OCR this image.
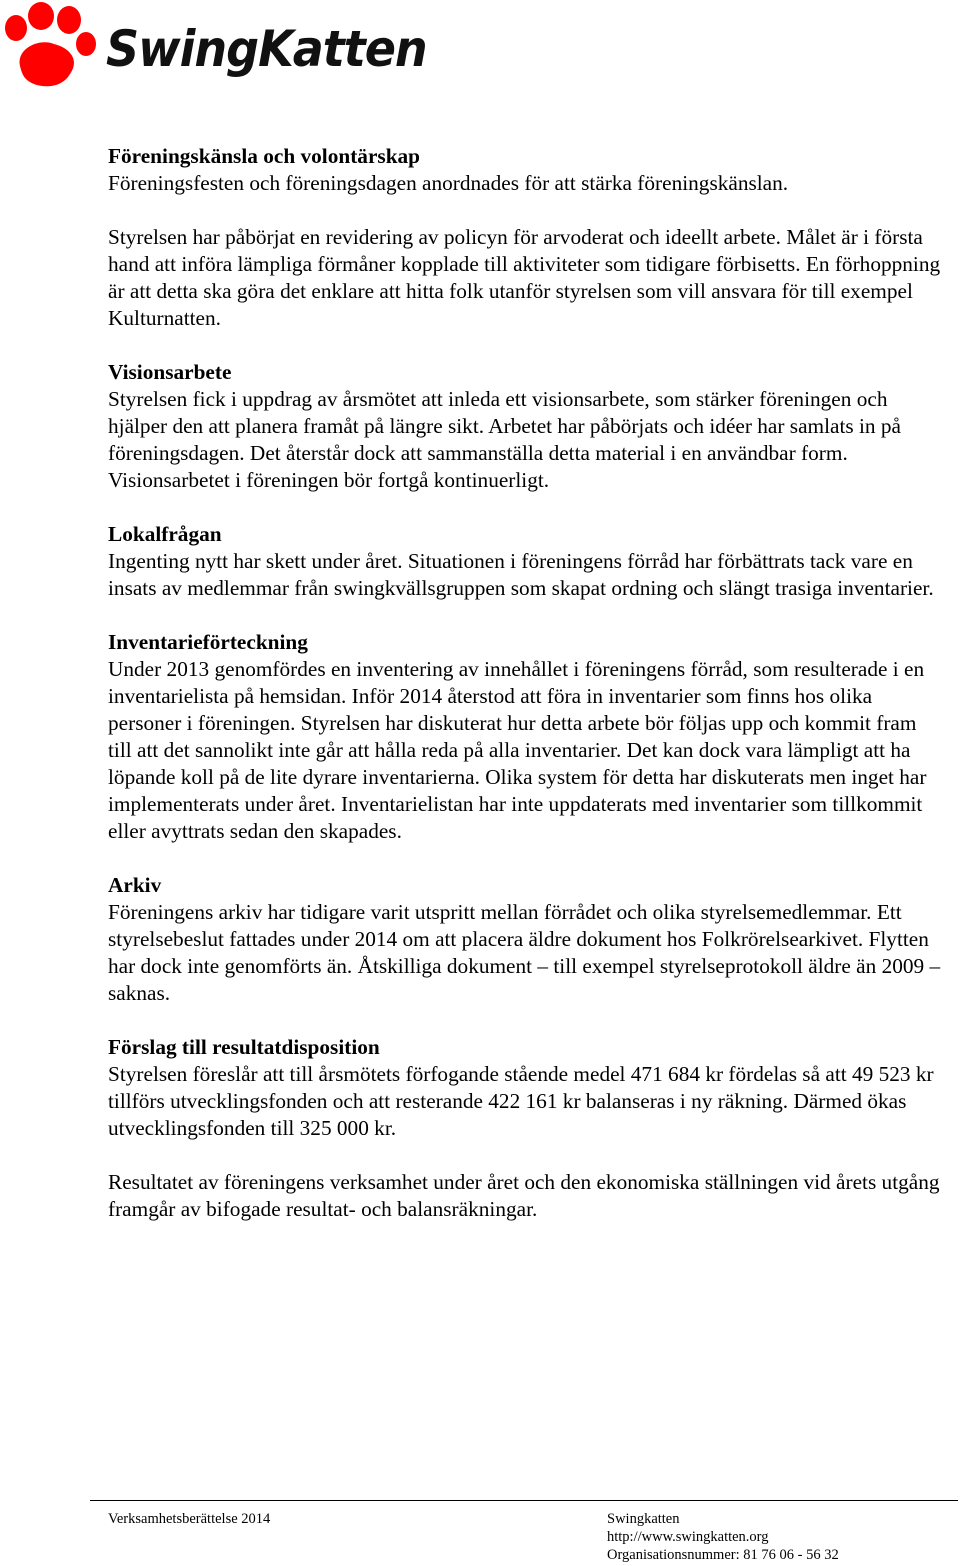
SwingKatten
Föreningskänsla och volontärskap

Föreningsfesten och föreningsdagen anordnades för att stärka föreningskänslan.

Styrelsen har påbörjat en revidering av policyn för arvoderat och ideellt arbete. Målet är i första hand att införa lämpliga förmåner kopplade till aktiviteter som tidigare förbisetts. En förhoppning är att detta ska göra det enklare att hitta folk utanför styrelsen som vill ansvara för till exempel Kulturnatten.

Visionsarbete

Styrelsen fick i uppdrag av årsmötet att inleda ett visionsarbete, som stärker föreningen och hjälper den att planera framåt på längre sikt. Arbetet har påbörjats och idéer har samlats in på föreningsdagen. Det återstår dock att sammanställa detta material i en användbar form. Visionsarbetet i föreningen bör fortgå kontinuerligt.

Lokalfrågan

Ingenting nytt har skett under året. Situationen i föreningens förråd har förbättrats tack vare en insats av medlemmar från swingkvällsgruppen som skapat ordning och slängt trasiga inventarier.

Inventarieförteckning

Under 2013 genomfördes en inventering av innehållet i föreningens förråd, som resulterade i en inventarielista på hemsidan. Inför 2014 återstod att föra in inventarier som finns hos olika personer i föreningen. Styrelsen har diskuterat hur detta arbete bör följas upp och kommit fram till att det sannolikt inte går att hålla reda på alla inventarier. Det kan dock vara lämpligt att ha löpande koll på de lite dyrare inventarierna. Olika system för detta har diskuterats men inget har implementerats under året. Inventarielistan har inte uppdaterats med inventarier som tillkommit eller avyttrats sedan den skapades.

Arkiv

Föreningens arkiv har tidigare varit utspritt mellan förrådet och olika styrelsemedlemmar. Ett styrelsebeslut fattades under 2014 om att placera äldre dokument hos Folkrörelsearkivet. Flytten har dock inte genomförts än. Åtskilliga dokument – till exempel styrelseprotokoll äldre än 2009 – saknas.

Förslag till resultatdisposition

Styrelsen föreslår att till årsmötets förfogande stående medel 471 684 kr fördelas så att 49 523 kr tillförs utvecklingsfonden och att resterande 422 161 kr balanseras i ny räkning. Därmed ökas utvecklingsfonden till 325 000 kr.

Resultatet av föreningens verksamhet under året och den ekonomiska ställningen vid årets utgång framgår av bifogade resultat- och balansräkningar.

Verksamhetsberättelse 2014	Swingkatten
http://www.swingkatten.org
Organisationsnummer: 81 76 06 - 56 32
